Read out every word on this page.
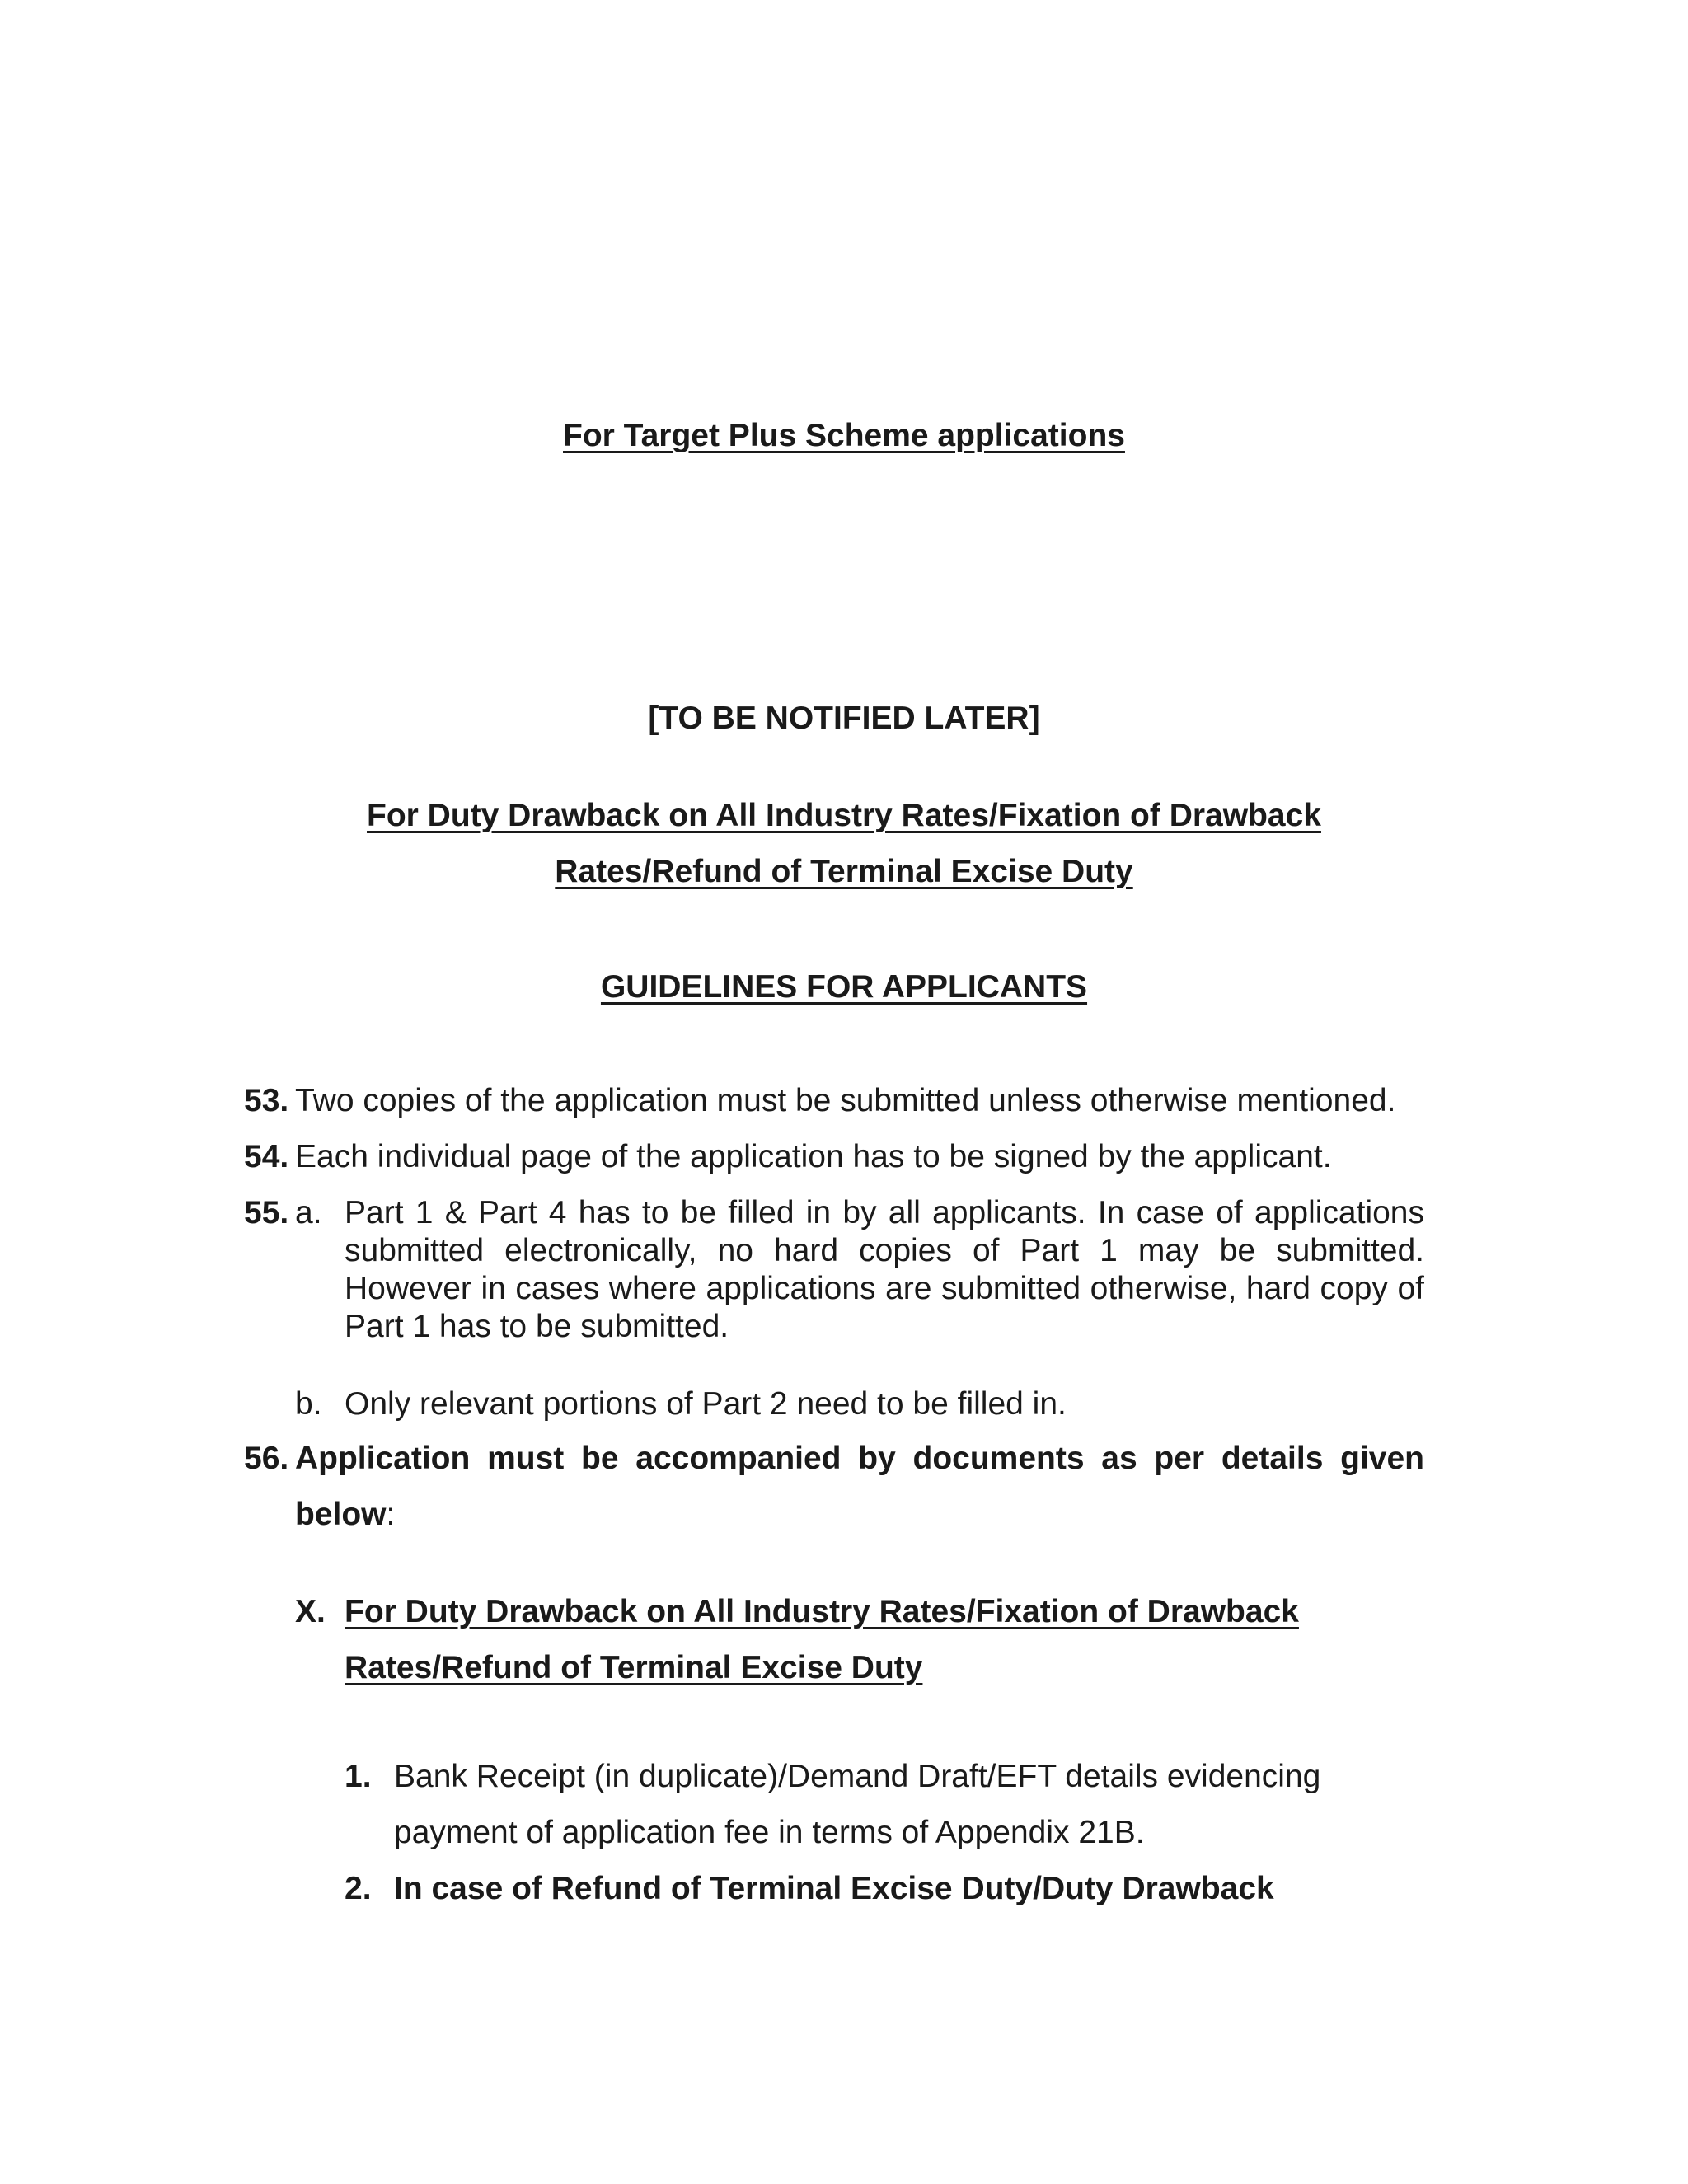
For Target Plus Scheme applications
[TO BE NOTIFIED LATER]
For Duty Drawback on All Industry Rates/Fixation of Drawback
Rates/Refund of Terminal Excise Duty
GUIDELINES FOR APPLICANTS
53. Two copies of the application must be submitted unless otherwise mentioned.
54. Each individual page of the application has to be signed by the applicant.
55. a. Part 1 & Part 4 has to be filled in by all applicants. In case of applications submitted electronically, no hard copies of Part 1 may be submitted. However in cases where applications are submitted otherwise, hard copy of Part 1 has to be submitted.
b. Only relevant portions of Part 2 need to be filled in.
56. Application must be accompanied by documents as per details given below:
X. For Duty Drawback on All Industry Rates/Fixation of Drawback
Rates/Refund of Terminal Excise Duty
1. Bank Receipt (in duplicate)/Demand Draft/EFT details evidencing payment of application fee in terms of Appendix 21B.
2. In case of Refund of Terminal Excise Duty/Duty Drawback
